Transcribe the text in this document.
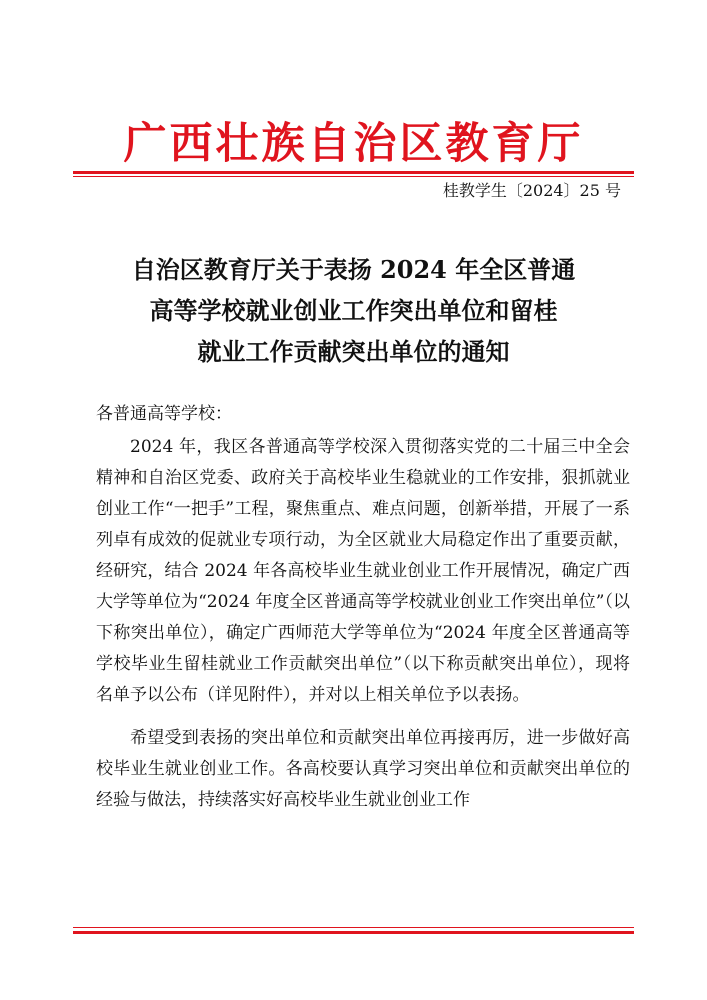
广西壮族自治区教育厅
桂教学生〔2024〕25 号
自治区教育厅关于表扬 2024 年全区普通
高等学校就业创业工作突出单位和留桂
就业工作贡献突出单位的通知
各普通高等学校：

2024 年，我区各普通高等学校深入贯彻落实党的二十届三中全会精神和自治区党委、政府关于高校毕业生稳就业的工作安排，狠抓就业创业工作“一把手”工程，聚焦重点、难点问题，创新举措，开展了一系列卓有成效的促就业专项行动，为全区就业大局稳定作出了重要贡献，经研究，结合 2024 年各高校毕业生就业创业工作开展情况，确定广西大学等单位为“2024 年度全区普通高等学校就业创业工作突出单位”（以下称突出单位），确定广西师范大学等单位为“2024 年度全区普通高等学校毕业生留桂就业工作贡献突出单位”（以下称贡献突出单位），现将名单予以公布（详见附件），并对以上相关单位予以表扬。

希望受到表扬的突出单位和贡献突出单位再接再厉，进一步做好高校毕业生就业创业工作。各高校要认真学习突出单位和贡献突出单位的经验与做法，持续落实好高校毕业生就业创业工作
